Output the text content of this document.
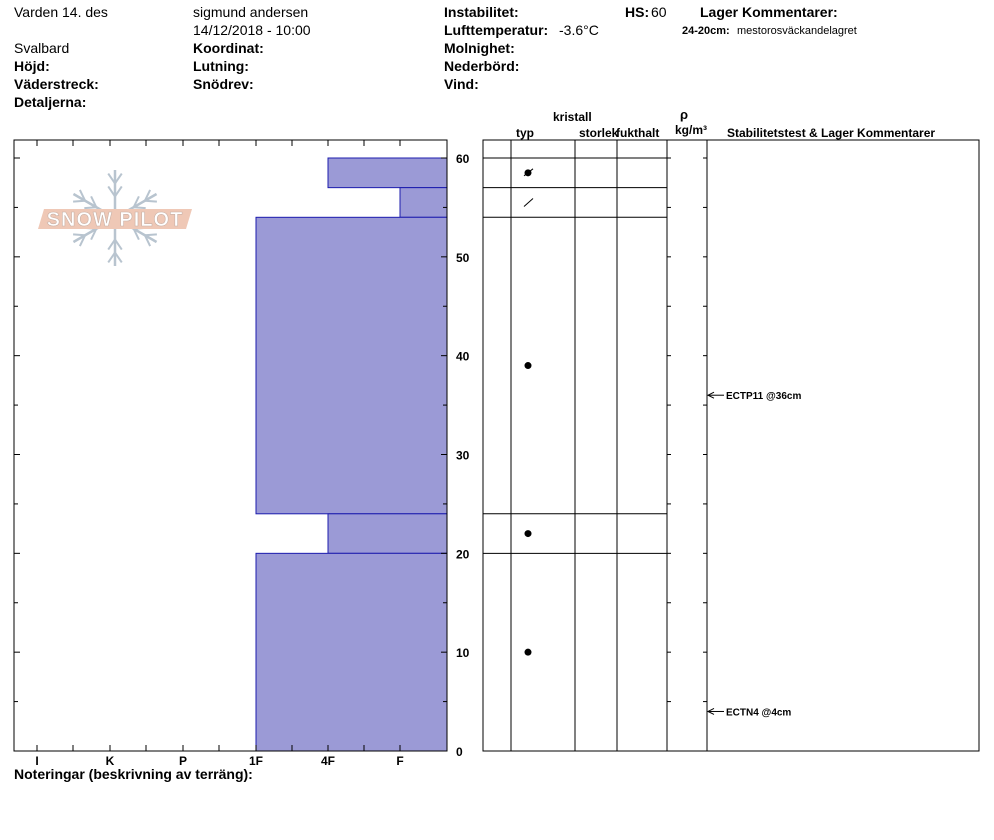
Varden 14. des
Svalbard
Höjd:
Väderstreck:
Detaljerna:
sigmund andersen
14/12/2018 - 10:00
Koordinat:
Lutning:
Snödrev:
Instabilitet:
Lufttemperatur: -3.6°C
Molnighet:
Nederbörd:
Vind:
HS: 60 Lager Kommentarer:
24-20cm: mestorosväckandelagret
kristall
typ	storlek
fukthalt
ρ
kg/m³ Stabilitetstest & Lager Kommentarer
SNOW PILOT
0
10
20
30
40
50
60
I	K	P	1F	4F	F
ECTP11 @36cm
ECTN4 @4cm
Noteringar (beskrivning av terräng):
